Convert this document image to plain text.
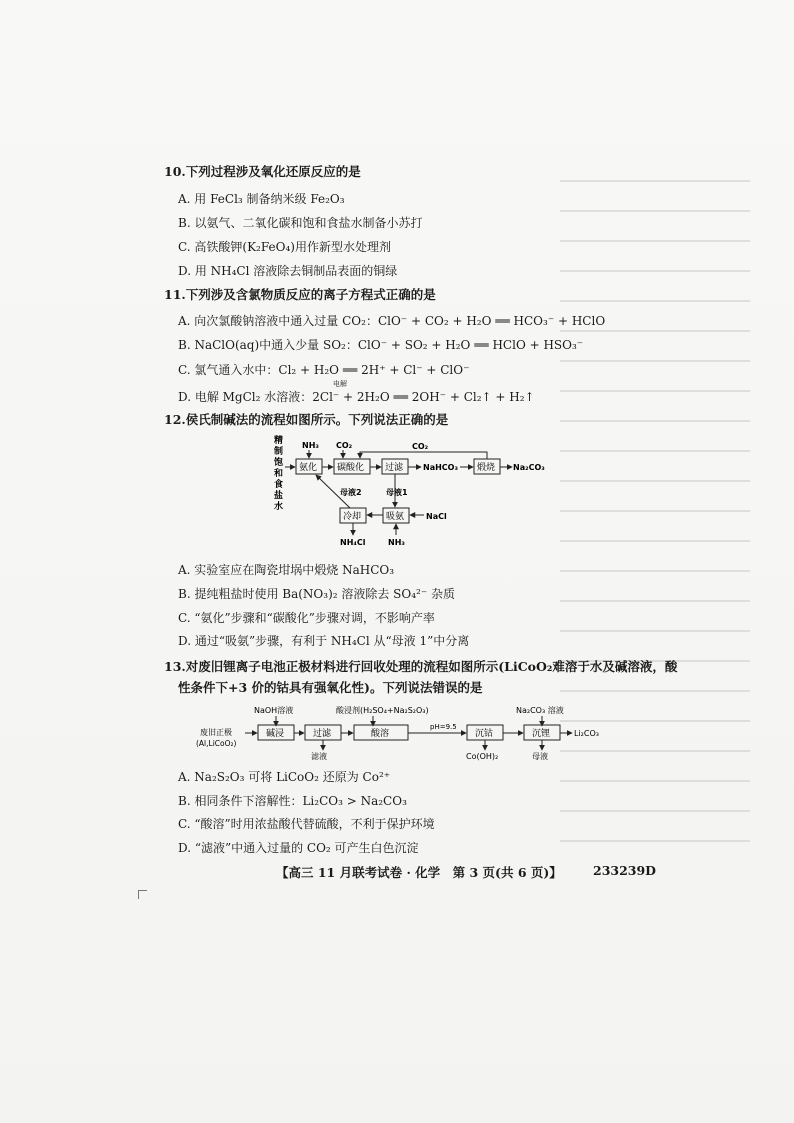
10.下列过程涉及氧化还原反应的是
A. 用 FeCl₃ 制备纳米级 Fe₂O₃
B. 以氨气、二氧化碳和饱和食盐水制备小苏打
C. 高铁酸钾(K₂FeO₄)用作新型水处理剂
D. 用 NH₄Cl 溶液除去铜制品表面的铜绿
11.下列涉及含氯物质反应的离子方程式正确的是
A. 向次氯酸钠溶液中通入过量 CO₂：ClO⁻ + CO₂ + H₂O ══ HCO₃⁻ + HClO
B. NaClO(aq)中通入少量 SO₂：ClO⁻ + SO₂ + H₂O ══ HClO + HSO₃⁻
C. 氯气通入水中：Cl₂ + H₂O ══ 2H⁺ + Cl⁻ + ClO⁻
D. 电解 MgCl₂ 水溶液：2Cl⁻ + 2H₂O ══ 2OH⁻ + Cl₂↑ + H₂↑
电解
12.侯氏制碱法的流程如图所示。下列说法正确的是
精
制
饱
和
食
盐
水
氨化 碳酸化 过滤 NaHCO₃ 煅烧 Na₂CO₃
NH₃ CO₂	CO₂
母液1
吸氨
冷却	NaCl
NH₃
NH₄Cl
母液2
NaOH溶液
废旧正极
(Al,LiCoO₂)
碱浸	过滤
滤液
酸浸剂(H₂SO₄+Na₂S₂O₃)
酸溶
pH=9.5
沉钴
Co(OH)₂
Na₂CO₃ 溶液
沉锂
母液
Li₂CO₃
A. 实验室应在陶瓷坩埚中煅烧 NaHCO₃
B. 提纯粗盐时使用 Ba(NO₃)₂ 溶液除去 SO₄²⁻ 杂质
C. “氨化”步骤和“碳酸化”步骤对调，不影响产率
D. 通过“吸氨”步骤，有利于 NH₄Cl 从“母液 1”中分离
13.对废旧锂离子电池正极材料进行回收处理的流程如图所示(LiCoO₂难溶于水及碱溶液，酸
性条件下+3 价的钴具有强氧化性)。下列说法错误的是
A. Na₂S₂O₃ 可将 LiCoO₂ 还原为 Co²⁺
B. 相同条件下溶解性：Li₂CO₃ > Na₂CO₃
C. “酸溶”时用浓盐酸代替硫酸，不利于保护环境
D. “滤液”中通入过量的 CO₂ 可产生白色沉淀
【高三 11 月联考试卷 · 化学　第 3 页(共 6 页)】 233239D
